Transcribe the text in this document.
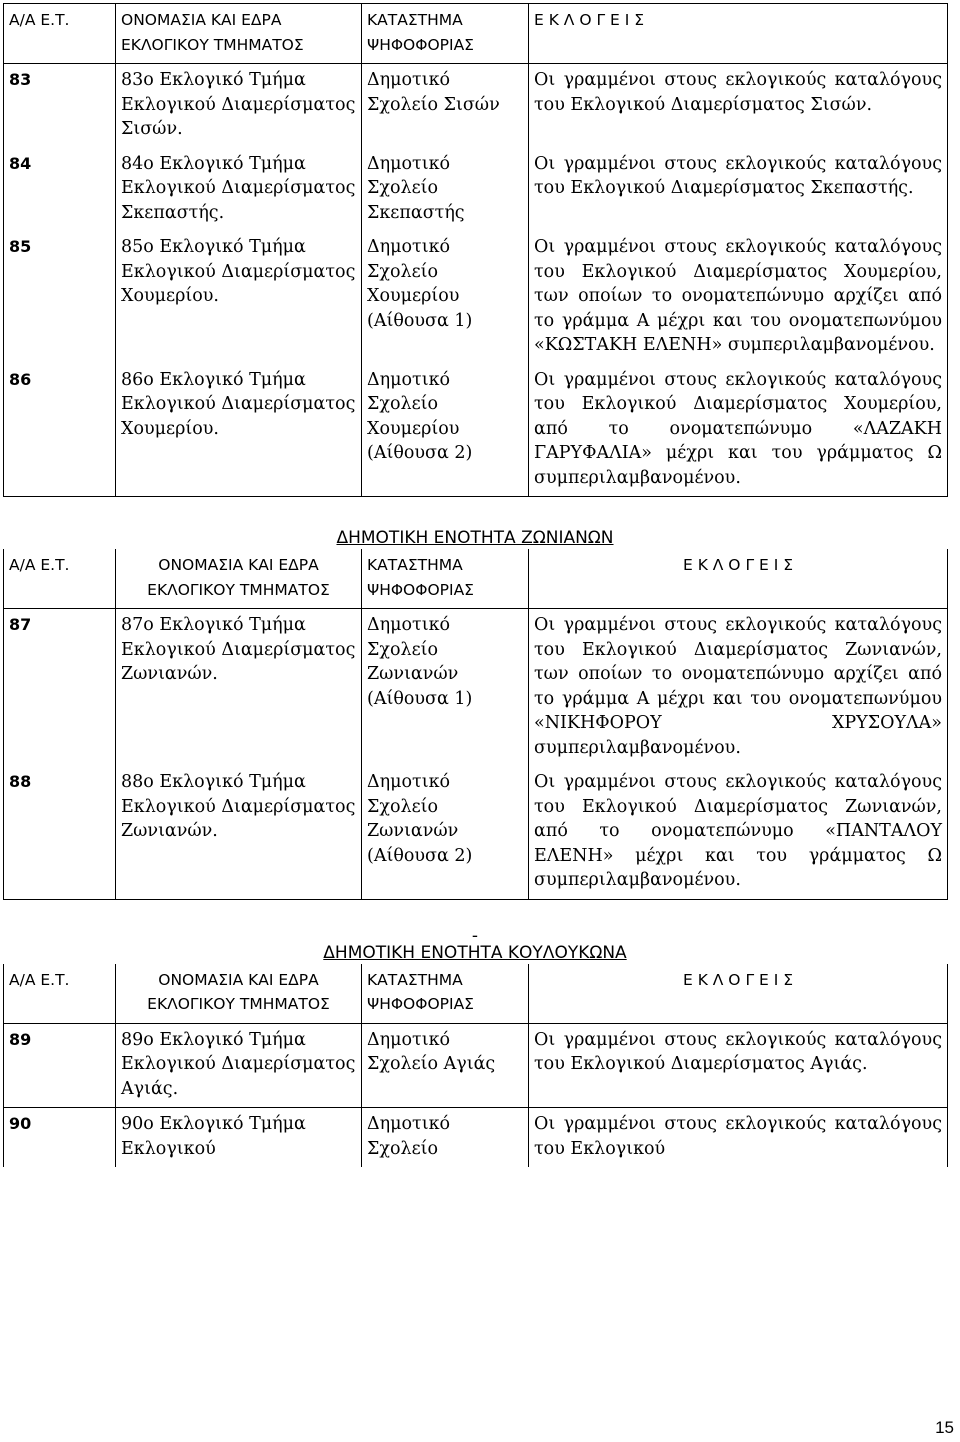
Α/Α Ε.Τ.	ΟΝΟΜΑΣΙΑ ΚΑΙ ΕΔΡΑ ΕΚΛΟΓΙΚΟΥ ΤΜΗΜΑΤΟΣ	ΚΑΤΑΣΤΗΜΑ ΨΗΦΟΦΟΡΙΑΣ	Ε Κ Λ Ο Γ Ε Ι Σ
83	83ο Εκλογικό Τμήμα Εκλογικού Διαμερίσματος Σισών.	Δημοτικό Σχολείο Σισών	Οι γραμμένοι στους εκλογικούς καταλόγους του Εκλογικού Διαμερίσματος Σισών.
84	84ο Εκλογικό Τμήμα Εκλογικού Διαμερίσματος Σκεπαστής.	Δημοτικό Σχολείο Σκεπαστής	Οι γραμμένοι στους εκλογικούς καταλόγους του Εκλογικού Διαμερίσματος Σκεπαστής.
85	85ο Εκλογικό Τμήμα Εκλογικού Διαμερίσματος Χουμερίου.	Δημοτικό Σχολείο Χουμερίου (Αίθουσα 1)	Οι γραμμένοι στους εκλογικούς καταλόγους του Εκλογικού Διαμερίσματος Χουμερίου, των οποίων το ονοματεπώνυμο αρχίζει από το γράμμα Α μέχρι και του ονοματεπωνύμου «ΚΩΣΤΑΚΗ ΕΛΕΝΗ» συμπεριλαμβανομένου.
86	86ο Εκλογικό Τμήμα Εκλογικού Διαμερίσματος Χουμερίου.	Δημοτικό Σχολείο Χουμερίου (Αίθουσα 2)	Οι γραμμένοι στους εκλογικούς καταλόγους του Εκλογικού Διαμερίσματος Χουμερίου, από το ονοματεπώνυμο «ΛΑΖΑΚΗ ΓΑΡΥΦΑΛΙΑ» μέχρι και του γράμματος Ω συμπεριλαμβανομένου.
ΔΗΜΟΤΙΚΗ ΕΝΟΤΗΤΑ ΖΩΝΙΑΝΩΝ
Α/Α Ε.Τ.	ΟΝΟΜΑΣΙΑ ΚΑΙ ΕΔΡΑ ΕΚΛΟΓΙΚΟΥ ΤΜΗΜΑΤΟΣ	ΚΑΤΑΣΤΗΜΑ ΨΗΦΟΦΟΡΙΑΣ	Ε Κ Λ Ο Γ Ε Ι Σ
87	87ο Εκλογικό Τμήμα Εκλογικού Διαμερίσματος Ζωνιανών.	Δημοτικό Σχολείο Ζωνιανών (Αίθουσα 1)	Οι γραμμένοι στους εκλογικούς καταλόγους του Εκλογικού Διαμερίσματος Ζωνιανών, των οποίων το ονοματεπώνυμο αρχίζει από το γράμμα Α μέχρι και του ονοματεπωνύμου «ΝΙΚΗΦΟΡΟΥ ΧΡΥΣΟΥΛΑ» συμπεριλαμβανομένου.
88	88ο Εκλογικό Τμήμα Εκλογικού Διαμερίσματος Ζωνιανών.	Δημοτικό Σχολείο Ζωνιανών (Αίθουσα 2)	Οι γραμμένοι στους εκλογικούς καταλόγους του Εκλογικού Διαμερίσματος Ζωνιανών, από το ονοματεπώνυμο «ΠΑΝΤΑΛΟΥ ΕΛΕΝΗ» μέχρι και του γράμματος Ω συμπεριλαμβανομένου.
-
ΔΗΜΟΤΙΚΗ ΕΝΟΤΗΤΑ ΚΟΥΛΟΥΚΩΝΑ
Α/Α Ε.Τ.	ΟΝΟΜΑΣΙΑ ΚΑΙ ΕΔΡΑ ΕΚΛΟΓΙΚΟΥ ΤΜΗΜΑΤΟΣ	ΚΑΤΑΣΤΗΜΑ ΨΗΦΟΦΟΡΙΑΣ	Ε Κ Λ Ο Γ Ε Ι Σ
89	89ο Εκλογικό Τμήμα Εκλογικού Διαμερίσματος Αγιάς.	Δημοτικό Σχολείο Αγιάς	Οι γραμμένοι στους εκλογικούς καταλόγους του Εκλογικού Διαμερίσματος Αγιάς.
90	90ο Εκλογικό Τμήμα Εκλογικού	Δημοτικό Σχολείο	Οι γραμμένοι στους εκλογικούς καταλόγους του Εκλογικού
15
